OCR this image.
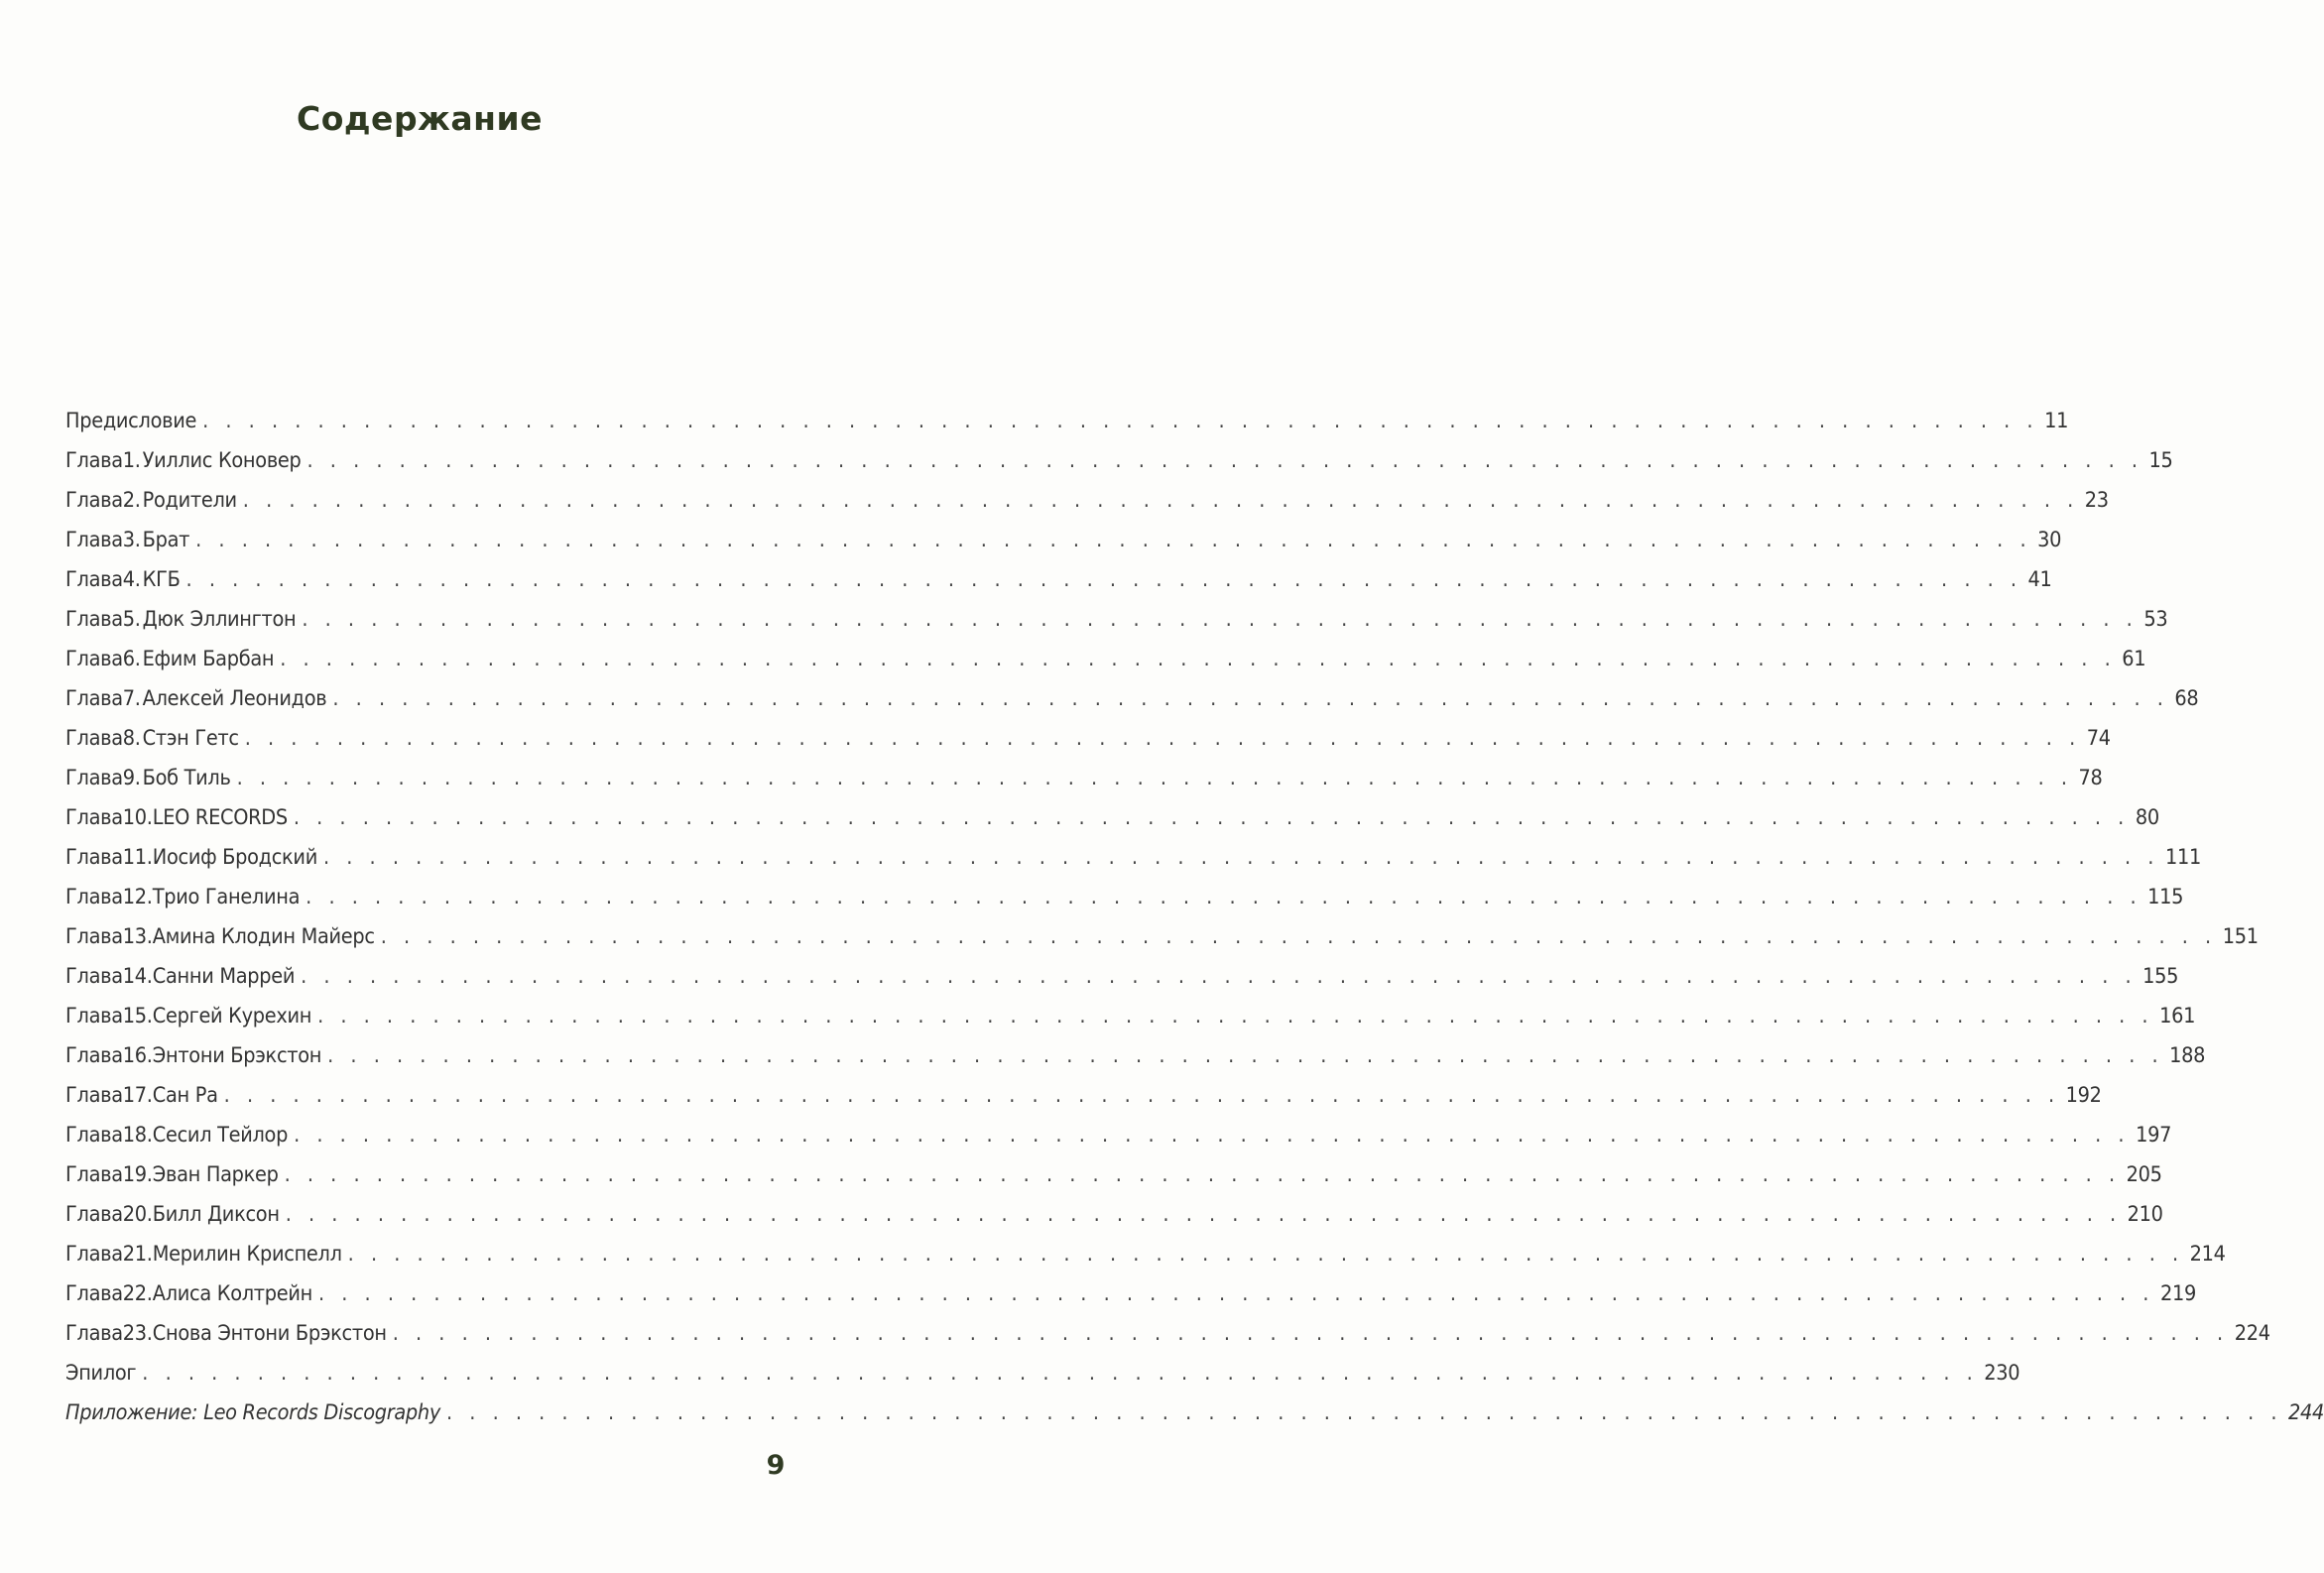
Содержание
Предисловие . . . . . . . . . . . . . . . . . . . . . . . . . . . . . . . . . . . . . . . . . . . . . . . . . . . . . . . . . . . . . . . . . . . . . . . . . . . . . . . . 11
Глава 1. Уиллис Коновер . . . . . . . . . . . . . . . . . . . . . . . . . . . . . . . . . . . . . . . . . . . . . . . . . . . . . . . . . . . . . . . . . . . . . . . . . . . . . . . . 15
Глава 2. Родители . . . . . . . . . . . . . . . . . . . . . . . . . . . . . . . . . . . . . . . . . . . . . . . . . . . . . . . . . . . . . . . . . . . . . . . . . . . . . . . . 23
Глава 3. Брат . . . . . . . . . . . . . . . . . . . . . . . . . . . . . . . . . . . . . . . . . . . . . . . . . . . . . . . . . . . . . . . . . . . . . . . . . . . . . . . . 30
Глава 4. КГБ . . . . . . . . . . . . . . . . . . . . . . . . . . . . . . . . . . . . . . . . . . . . . . . . . . . . . . . . . . . . . . . . . . . . . . . . . . . . . . . . 41
Глава 5. Дюк Эллингтон . . . . . . . . . . . . . . . . . . . . . . . . . . . . . . . . . . . . . . . . . . . . . . . . . . . . . . . . . . . . . . . . . . . . . . . . . . . . . . . . 53
Глава 6. Ефим Барбан . . . . . . . . . . . . . . . . . . . . . . . . . . . . . . . . . . . . . . . . . . . . . . . . . . . . . . . . . . . . . . . . . . . . . . . . . . . . . . . . 61
Глава 7. Алексей Леонидов . . . . . . . . . . . . . . . . . . . . . . . . . . . . . . . . . . . . . . . . . . . . . . . . . . . . . . . . . . . . . . . . . . . . . . . . . . . . . . . . 68
Глава 8. Стэн Гетс . . . . . . . . . . . . . . . . . . . . . . . . . . . . . . . . . . . . . . . . . . . . . . . . . . . . . . . . . . . . . . . . . . . . . . . . . . . . . . . . 74
Глава 9. Боб Тиль . . . . . . . . . . . . . . . . . . . . . . . . . . . . . . . . . . . . . . . . . . . . . . . . . . . . . . . . . . . . . . . . . . . . . . . . . . . . . . . . 78
Глава 10. LEO RECORDS . . . . . . . . . . . . . . . . . . . . . . . . . . . . . . . . . . . . . . . . . . . . . . . . . . . . . . . . . . . . . . . . . . . . . . . . . . . . . . . . 80
Глава 11. Иосиф Бродский . . . . . . . . . . . . . . . . . . . . . . . . . . . . . . . . . . . . . . . . . . . . . . . . . . . . . . . . . . . . . . . . . . . . . . . . . . . . . . . . 111
Глава 12. Трио Ганелина . . . . . . . . . . . . . . . . . . . . . . . . . . . . . . . . . . . . . . . . . . . . . . . . . . . . . . . . . . . . . . . . . . . . . . . . . . . . . . . . 115
Глава 13. Амина Клодин Майерс . . . . . . . . . . . . . . . . . . . . . . . . . . . . . . . . . . . . . . . . . . . . . . . . . . . . . . . . . . . . . . . . . . . . . . . . . . . . . . . . 151
Глава 14. Санни Маррей . . . . . . . . . . . . . . . . . . . . . . . . . . . . . . . . . . . . . . . . . . . . . . . . . . . . . . . . . . . . . . . . . . . . . . . . . . . . . . . . 155
Глава 15. Сергей Курехин . . . . . . . . . . . . . . . . . . . . . . . . . . . . . . . . . . . . . . . . . . . . . . . . . . . . . . . . . . . . . . . . . . . . . . . . . . . . . . . . 161
Глава 16. Энтони Брэкстон . . . . . . . . . . . . . . . . . . . . . . . . . . . . . . . . . . . . . . . . . . . . . . . . . . . . . . . . . . . . . . . . . . . . . . . . . . . . . . . . 188
Глава 17. Сан Ра . . . . . . . . . . . . . . . . . . . . . . . . . . . . . . . . . . . . . . . . . . . . . . . . . . . . . . . . . . . . . . . . . . . . . . . . . . . . . . . . 192
Глава 18. Сесил Тейлор . . . . . . . . . . . . . . . . . . . . . . . . . . . . . . . . . . . . . . . . . . . . . . . . . . . . . . . . . . . . . . . . . . . . . . . . . . . . . . . . 197
Глава 19. Эван Паркер . . . . . . . . . . . . . . . . . . . . . . . . . . . . . . . . . . . . . . . . . . . . . . . . . . . . . . . . . . . . . . . . . . . . . . . . . . . . . . . . 205
Глава 20. Билл Диксон . . . . . . . . . . . . . . . . . . . . . . . . . . . . . . . . . . . . . . . . . . . . . . . . . . . . . . . . . . . . . . . . . . . . . . . . . . . . . . . . 210
Глава 21. Мерилин Криспелл . . . . . . . . . . . . . . . . . . . . . . . . . . . . . . . . . . . . . . . . . . . . . . . . . . . . . . . . . . . . . . . . . . . . . . . . . . . . . . . . 214
Глава 22. Алиса Колтрейн . . . . . . . . . . . . . . . . . . . . . . . . . . . . . . . . . . . . . . . . . . . . . . . . . . . . . . . . . . . . . . . . . . . . . . . . . . . . . . . . 219
Глава 23. Снова Энтони Брэкстон . . . . . . . . . . . . . . . . . . . . . . . . . . . . . . . . . . . . . . . . . . . . . . . . . . . . . . . . . . . . . . . . . . . . . . . . . . . . . . . . 224
Эпилог . . . . . . . . . . . . . . . . . . . . . . . . . . . . . . . . . . . . . . . . . . . . . . . . . . . . . . . . . . . . . . . . . . . . . . . . . . . . . . . . 230
Приложение: Leo Records Discography . . . . . . . . . . . . . . . . . . . . . . . . . . . . . . . . . . . . . . . . . . . . . . . . . . . . . . . . . . . . . . . . . . . . . . . . . . . . . . . . 244
9
